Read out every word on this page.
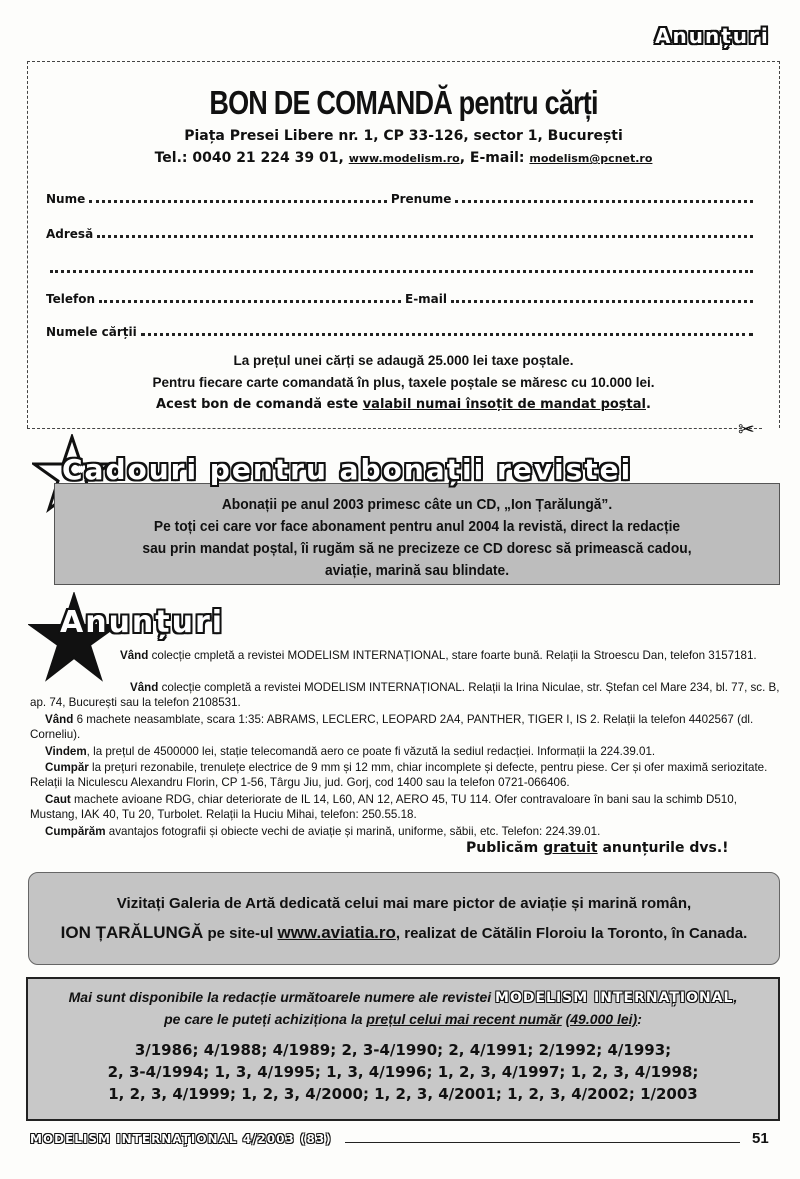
Anunțuri
BON DE COMANDĂ pentru cărți
Piața Presei Libere nr. 1, CP 33-126, sector 1, București
Tel.: 0040 21 224 39 01, www.modelism.ro, E-mail: modelism@pcnet.ro
Nume	Prenume
Adresă
Telefon	E-mail
Numele cărții
La prețul unei cărți se adaugă 25.000 lei taxe poștale.
Pentru fiecare carte comandată în plus, taxele poștale se măresc cu 10.000 lei.
Acest bon de comandă este valabil numai însoțit de mandat poștal.
✂
Abonații pe anul 2003 primesc câte un CD, „Ion Țarălungă”.
Pe toți cei care vor face abonament pentru anul 2004 la revistă, direct la redacție
sau prin mandat poștal, îi rugăm să ne precizeze ce CD doresc să primească cadou,
aviație, marină sau blindate.
Cadouri pentru abonații revistei
Anunțuri
Vând colecție cmpletă a revistei MODELISM INTERNAȚIONAL, stare foarte bună. Relații la Stroescu Dan, telefon 3157181.
Vând colecție completă a revistei MODELISM INTERNAȚIONAL. Relații la Irina Niculae, str. Ștefan cel Mare 234, bl. 77, sc. B, ap. 74, București sau la telefon 2108531.
Vând 6 machete neasamblate, scara 1:35: ABRAMS, LECLERC, LEOPARD 2A4, PANTHER, TIGER I, IS 2. Relații la telefon 4402567 (dl. Corneliu).
Vindem, la prețul de 4500000 lei, stație telecomandă aero ce poate fi văzută la sediul redacției. Informații la 224.39.01.
Cumpăr la prețuri rezonabile, trenulețe electrice de 9 mm și 12 mm, chiar incomplete și defecte, pentru piese. Cer și ofer maximă seriozitate. Relații la Niculescu Alexandru Florin, CP 1-56, Târgu Jiu, jud. Gorj, cod 1400 sau la telefon 0721-066406.
Caut machete avioane RDG, chiar deteriorate de IL 14, L60, AN 12, AERO 45, TU 114. Ofer contravaloare în bani sau la schimb D510, Mustang, IAK 40, Tu 20, Turbolet. Relații la Huciu Mihai, telefon: 250.55.18.
Cumpărăm avantajos fotografii și obiecte vechi de aviație și marină, uniforme, săbii, etc. Telefon: 224.39.01.
Publicăm gratuit anunțurile dvs.!
Vizitați Galeria de Artă dedicată celui mai mare pictor de aviație și marină român,
ION ȚARĂLUNGĂ pe site-ul www.aviatia.ro, realizat de Cătălin Floroiu la Toronto, în Canada.
Mai sunt disponibile la redacție următoarele numere ale revistei MODELISM INTERNAȚIONAL,
pe care le puteți achiziționa la prețul celui mai recent număr (49.000 lei):
3/1986; 4/1988; 4/1989; 2, 3-4/1990; 2, 4/1991; 2/1992; 4/1993;
2, 3-4/1994; 1, 3, 4/1995; 1, 3, 4/1996; 1, 2, 3, 4/1997; 1, 2, 3, 4/1998;
1, 2, 3, 4/1999; 1, 2, 3, 4/2000; 1, 2, 3, 4/2001; 1, 2, 3, 4/2002; 1/2003
MODELISM INTERNAȚIONAL 4/2003 (83)	51
